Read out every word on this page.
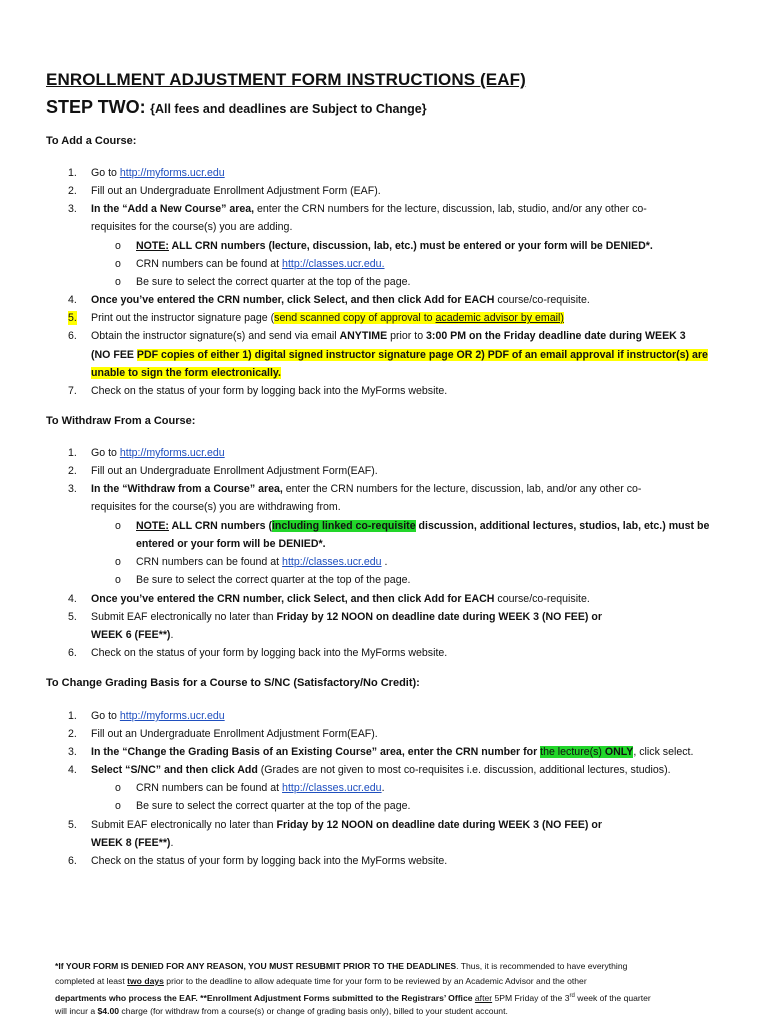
ENROLLMENT ADJUSTMENT FORM INSTRUCTIONS (EAF)
STEP TWO: {All fees and deadlines are Subject to Change}
To Add a Course:
1. Go to http://myforms.ucr.edu
2. Fill out an Undergraduate Enrollment Adjustment Form (EAF).
3. In the “Add a New Course” area, enter the CRN numbers for the lecture, discussion, lab, studio, and/or any other co-
requisites for the course(s) you are adding.
o NOTE: ALL CRN numbers (lecture, discussion, lab, etc.) must be entered or your form will be DENIED*.
o CRN numbers can be found at http://classes.ucr.edu.
o Be sure to select the correct quarter at the top of the page.
4. Once you’ve entered the CRN number, click Select, and then click Add for EACH course/co-requisite.
5. Print out the instructor signature page (send scanned copy of approval to academic advisor by email)
6. Obtain the instructor signature(s) and send via email ANYTIME prior to 3:00 PM on the Friday deadline date during WEEK 3
(NO FEE PDF copies of either 1) digital signed instructor signature page OR 2) PDF of an email approval if instructor(s) are
unable to sign the form electronically.
7. Check on the status of your form by logging back into the MyForms website.
To Withdraw From a Course:
1. Go to http://myforms.ucr.edu
2. Fill out an Undergraduate Enrollment Adjustment Form(EAF).
3. In the “Withdraw from a Course” area, enter the CRN numbers for the lecture, discussion, lab, and/or any other co-
requisites for the course(s) you are withdrawing from.
o NOTE: ALL CRN numbers (including linked co-requisite discussion, additional lectures, studios, lab, etc.) must be
entered or your form will be DENIED*.
o CRN numbers can be found at http://classes.ucr.edu .
o Be sure to select the correct quarter at the top of the page.
4. Once you’ve entered the CRN number, click Select, and then click Add for EACH course/co-requisite.
5. Submit EAF electronically no later than Friday by 12 NOON on deadline date during WEEK 3 (NO FEE) or
WEEK 6 (FEE**).
6. Check on the status of your form by logging back into the MyForms website.
To Change Grading Basis for a Course to S/NC (Satisfactory/No Credit):
1. Go to http://myforms.ucr.edu
2. Fill out an Undergraduate Enrollment Adjustment Form(EAF).
3. In the “Change the Grading Basis of an Existing Course” area, enter the CRN number for the lecture(s) ONLY, click select.
4. Select “S/NC” and then click Add (Grades are not given to most co-requisites i.e. discussion, additional lectures, studios).
o CRN numbers can be found at http://classes.ucr.edu.
o Be sure to select the correct quarter at the top of the page.
5. Submit EAF electronically no later than Friday by 12 NOON on deadline date during WEEK 3 (NO FEE) or
WEEK 8 (FEE**).
6. Check on the status of your form by logging back into the MyForms website.
*If YOUR FORM IS DENIED FOR ANY REASON, YOU MUST RESUBMIT PRIOR TO THE DEADLINES. Thus, it is recommended to have everything
completed at least two days prior to the deadline to allow adequate time for your form to be reviewed by an Academic Advisor and the other
departments who process the EAF. **Enrollment Adjustment Forms submitted to the Registrars’ Office after 5PM Friday of the 3rd week of the quarter
will incur a $4.00 charge (for withdraw from a course(s) or change of grading basis only), billed to your student account.
